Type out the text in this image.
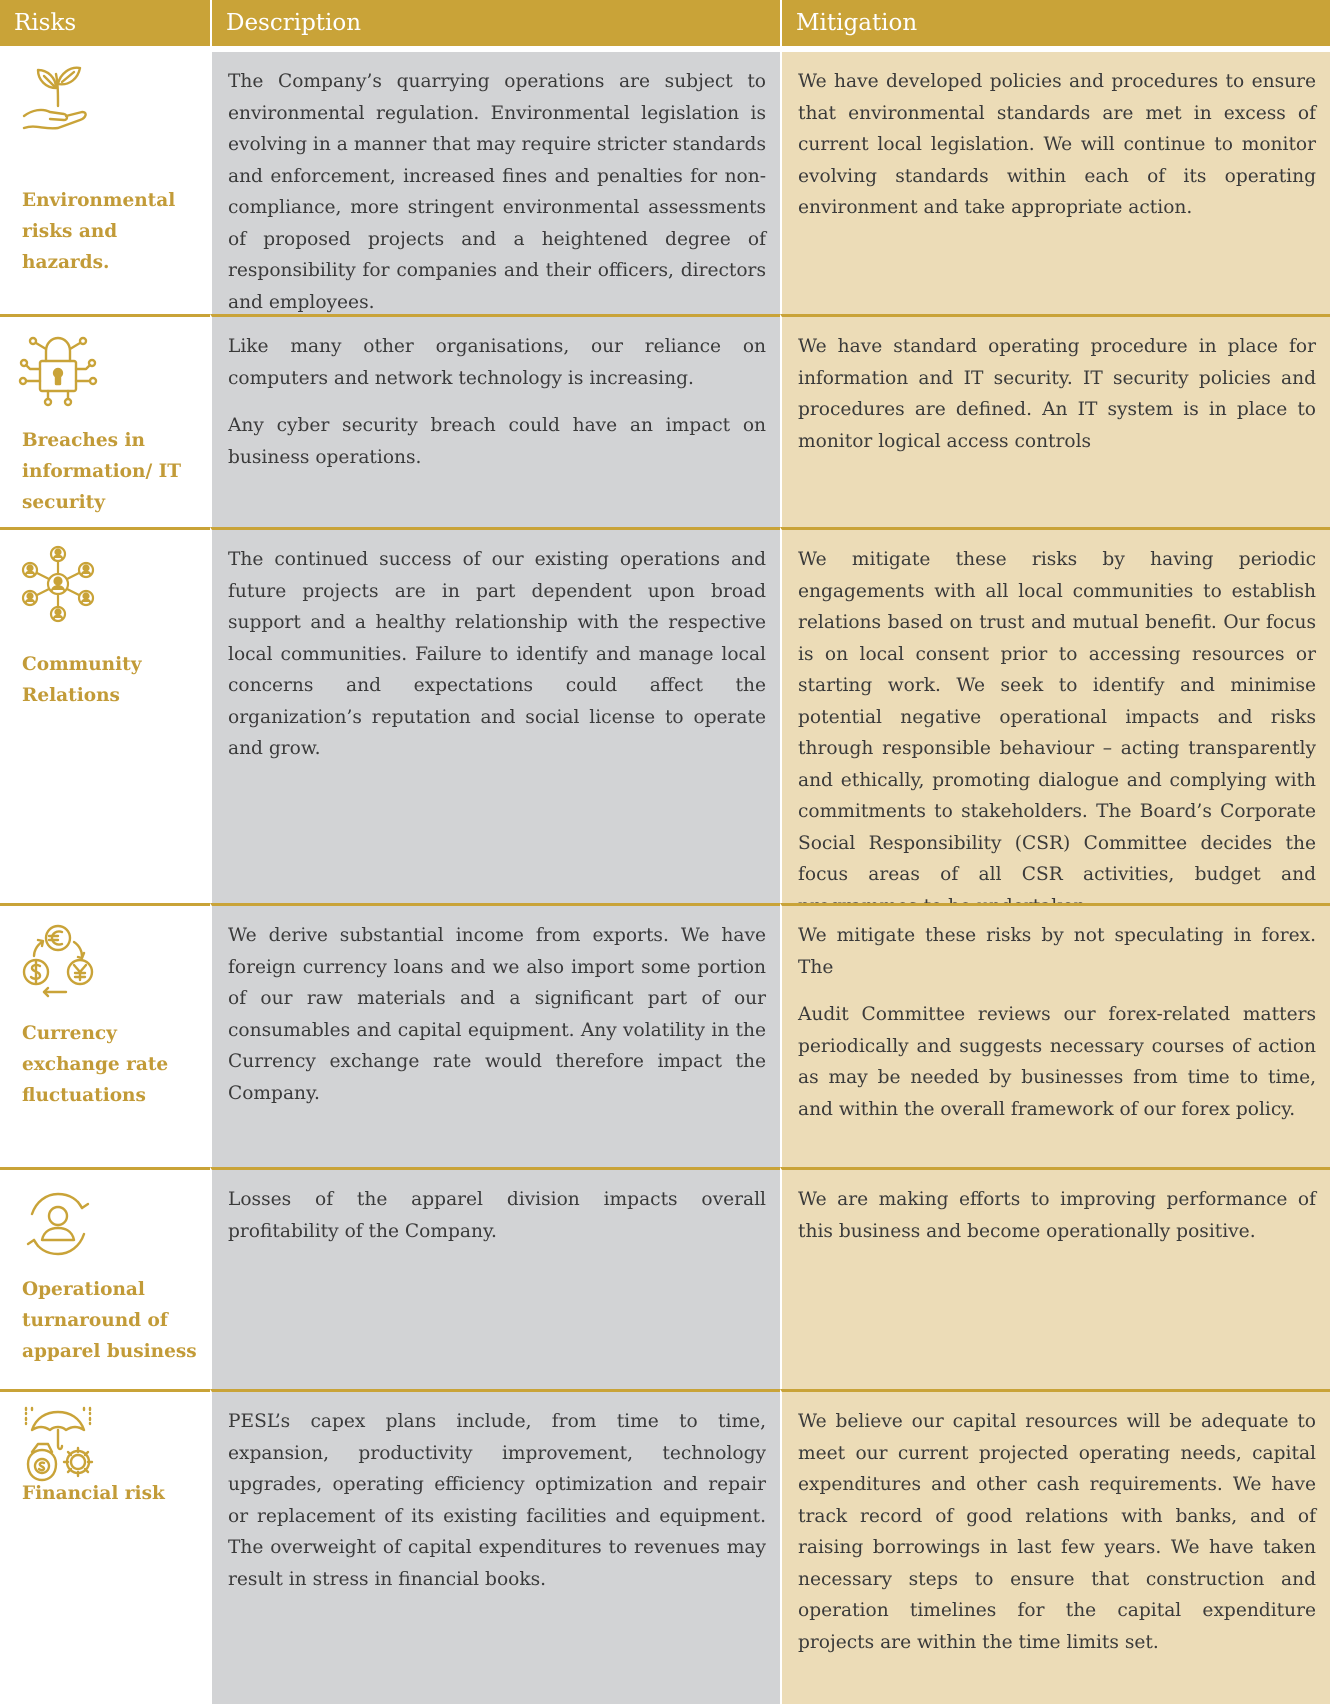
Risks	Description	Mitigation

Environmental risks and hazards.

The Company’s quarrying operations are subject to environmental regulation. Environmental legislation is evolving in a manner that may require stricter standards and enforcement, increased fines and penalties for non-compliance, more stringent environmental assessments of proposed projects and a heightened degree of responsibility for companies and their officers, directors and employees.

We have developed policies and procedures to ensure that environmental standards are met in excess of current local legislation. We will continue to monitor evolving standards within each of its operating environment and take appropriate action.

Breaches in information/ IT security

Like many other organisations, our reliance on computers and network technology is increasing.

Any cyber security breach could have an impact on business operations.

We have standard operating procedure in place for information and IT security. IT security policies and procedures are defined. An IT system is in place to monitor logical access controls

Community Relations

The continued success of our existing operations and future projects are in part dependent upon broad support and a healthy relationship with the respective local communities. Failure to identify and manage local concerns and expectations could affect the organization’s reputation and social license to operate and grow.

We mitigate these risks by having periodic engagements with all local communities to establish relations based on trust and mutual benefit. Our focus is on local consent prior to accessing resources or starting work. We seek to identify and minimise potential negative operational impacts and risks through responsible behaviour – acting transparently and ethically, promoting dialogue and complying with commitments to stakeholders. The Board’s Corporate Social Responsibility (CSR) Committee decides the focus areas of all CSR activities, budget and

Currency exchange rate fluctuations

We derive substantial income from exports. We have foreign currency loans and we also import some portion of our raw materials and a significant part of our consumables and capital equipment. Any volatility in the Currency exchange rate would therefore impact the Company.

We mitigate these risks by not speculating in forex. The

Audit Committee reviews our forex-related matters periodically and suggests necessary courses of action as may be needed by businesses from time to time, and within the overall framework of our forex policy.

Operational turnaround of apparel business

Losses of the apparel division impacts overall profitability of the Company.

We are making efforts to improving performance of this business and become operationally positive.

Financial risk

PESL’s capex plans include, from time to time, expansion, productivity improvement, technology upgrades, operating efficiency optimization and repair or replacement of its existing facilities and equipment. The overweight of capital expenditures to revenues may result in stress in financial books.

We believe our capital resources will be adequate to meet our current projected operating needs, capital expenditures and other cash requirements. We have track record of good relations with banks, and of raising borrowings in last few years. We have taken necessary steps to ensure that construction and operation timelines for the capital expenditure projects are within the time limits set.
